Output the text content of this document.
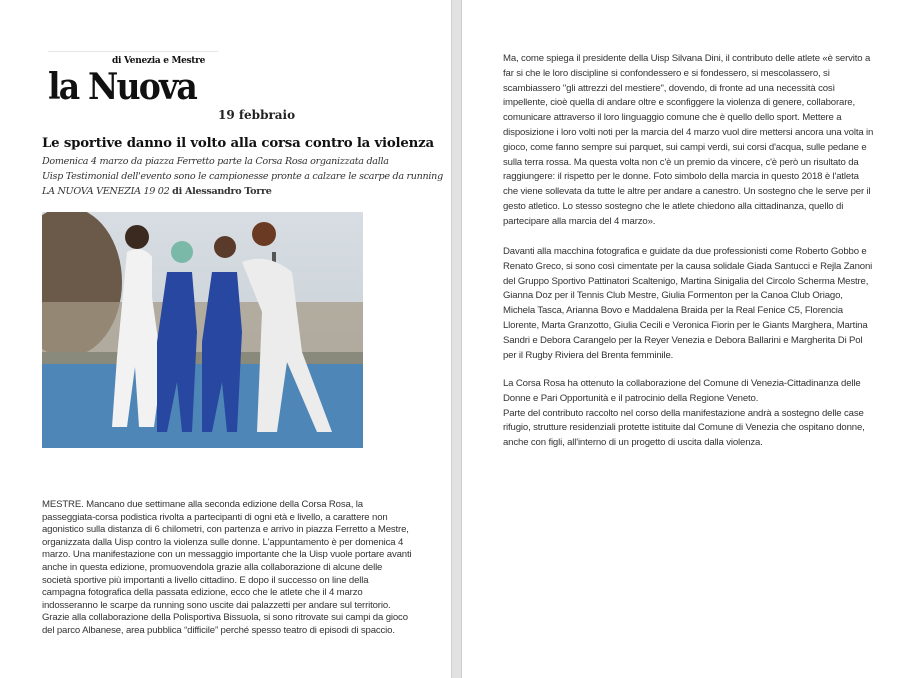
di Venezia e Mestre
la Nuova
19 febbraio
Le sportive danno il volto alla corsa contro la violenza
Domenica 4 marzo da piazza Ferretto parte la Corsa Rosa organizzata dalla
Uisp Testimonial dell'evento sono le campionesse pronte a calzare le scarpe da running
LA NUOVA VENEZIA 19 02 di Alessandro Torre
MESTRE. Mancano due settimane alla seconda edizione della Corsa Rosa, la
passeggiata-corsa podistica rivolta a partecipanti di ogni età e livello, a carattere non
agonistico sulla distanza di 6 chilometri, con partenza e arrivo in piazza Ferretto a Mestre,
organizzata dalla Uisp contro la violenza sulle donne. L'appuntamento è per domenica 4
marzo. Una manifestazione con un messaggio importante che la Uisp vuole portare avanti
anche in questa edizione, promuovendola grazie alla collaborazione di alcune delle
società sportive più importanti a livello cittadino. E dopo il successo on line della
campagna fotografica della passata edizione, ecco che le atlete che il 4 marzo
indosseranno le scarpe da running sono uscite dai palazzetti per andare sul territorio.
Grazie alla collaborazione della Polisportiva Bissuola, si sono ritrovate sui campi da gioco
del parco Albanese, area pubblica “difficile” perché spesso teatro di episodi di spaccio.
Ma, come spiega il presidente della Uisp Silvana Dini, il contributo delle atlete «è servito a
far si che le loro discipline si confondessero e si fondessero, si mescolassero, si
scambiassero "gli attrezzi del mestiere", dovendo, di fronte ad una necessità così
impellente, cioè quella di andare oltre e sconfiggere la violenza di genere, collaborare,
comunicare attraverso il loro linguaggio comune che è quello dello sport. Mettere a
disposizione i loro volti noti per la marcia del 4 marzo vuol dire mettersi ancora una volta in
gioco, come fanno sempre sui parquet, sui campi verdi, sui corsi d'acqua, sulle pedane e
sulla terra rossa. Ma questa volta non c'è un premio da vincere, c'è però un risultato da
raggiungere: il rispetto per le donne. Foto simbolo della marcia in questo 2018 è l'atleta
che viene sollevata da tutte le altre per andare a canestro. Un sostegno che le serve per il
gesto atletico. Lo stesso sostegno che le atlete chiedono alla cittadinanza, quello di
partecipare alla marcia del 4 marzo».
Davanti alla macchina fotografica e guidate da due professionisti come Roberto Gobbo e
Renato Greco, si sono così cimentate per la causa solidale Giada Santucci e Rejla Zanoni
del Gruppo Sportivo Pattinatori Scaltenigo, Martina Sinigalia del Circolo Scherma Mestre,
Gianna Doz per il Tennis Club Mestre, Giulia Formenton per la Canoa Club Oriago,
Michela Tasca, Arianna Bovo e Maddalena Braida per la Real Fenice C5, Florencia
Llorente, Marta Granzotto, Giulia Cecili e Veronica Fiorin per le Giants Marghera, Martina
Sandri e Debora Carangelo per la Reyer Venezia e Debora Ballarini e Margherita Di Pol
per il Rugby Riviera del Brenta femminile.
La Corsa Rosa ha ottenuto la collaborazione del Comune di Venezia-Cittadinanza delle
Donne e Pari Opportunità e il patrocinio della Regione Veneto.
Parte del contributo raccolto nel corso della manifestazione andrà a sostegno delle case
rifugio, strutture residenziali protette istituite dal Comune di Venezia che ospitano donne,
anche con figli, all'interno di un progetto di uscita dalla violenza.
